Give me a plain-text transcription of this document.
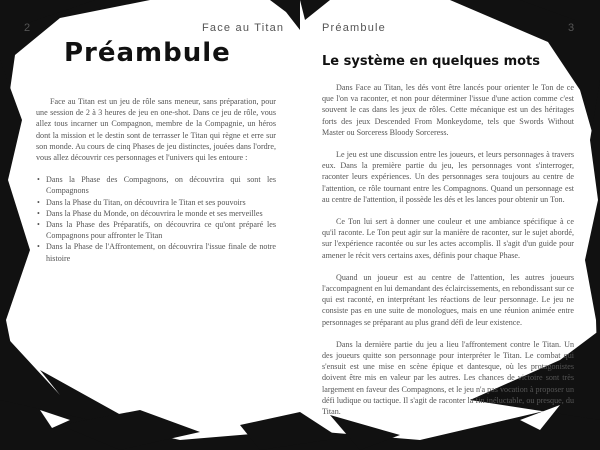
2	Face au Titan
Préambule

Face au Titan est un jeu de rôle sans meneur, sans préparation, pour une session de 2 à 3 heures de jeu en one-shot. Dans ce jeu de rôle, vous allez tous incarner un Compagnon, membre de la Compagnie, un héros dont la mission et le destin sont de terrasser le Titan qui règne et erre sur son monde. Au cours de cinq Phases de jeu distinctes, jouées dans l'ordre, vous allez découvrir ces personnages et l'univers qui les entoure :

• Dans la Phase des Compagnons, on découvrira qui sont les Compagnons
• Dans la Phase du Titan, on découvrira le Titan et ses pouvoirs
• Dans la Phase du Monde, on découvrira le monde et ses merveilles
• Dans la Phase des Préparatifs, on découvrira ce qu'ont préparé les Compagnons pour affronter le Titan
• Dans la Phase de l'Affrontement, on découvrira l'issue finale de notre histoire
Préambule	3
Le système en quelques mots

Dans Face au Titan, les dés vont être lancés pour orienter le Ton de ce que l'on va raconter, et non pour déterminer l'issue d'une action comme c'est souvent le cas dans les jeux de rôles. Cette mécanique est un des héritages forts des jeux Descended From Monkeydome, tels que Swords Without Master ou Sorceress Bloody Sorceress.

Le jeu est une discussion entre les joueurs, et leurs personnages à travers eux. Dans la première partie du jeu, les personnages vont s'interroger, raconter leurs expériences. Un des personnages sera toujours au centre de l'attention, ce rôle tournant entre les Compagnons. Quand un personnage est au centre de l'attention, il possède les dés et les lances pour obtenir un Ton.

Ce Ton lui sert à donner une couleur et une ambiance spécifique à ce qu'il raconte. Le Ton peut agir sur la manière de raconter, sur le sujet abordé, sur l'expérience racontée ou sur les actes accomplis. Il s'agit d'un guide pour amener le récit vers certains axes, définis pour chaque Phase.

Quand un joueur est au centre de l'attention, les autres joueurs l'accompagnent en lui demandant des éclaircissements, en rebondissant sur ce qui est raconté, en interprétant les réactions de leur personnage. Le jeu ne consiste pas en une suite de monologues, mais en une réunion animée entre personnages se préparant au plus grand défi de leur existence.

Dans la dernière partie du jeu a lieu l'affrontement contre le Titan. Un des joueurs quitte son personnage pour interpréter le Titan. Le combat qui s'ensuit est une mise en scène épique et dantesque, où les protagonistes doivent être mis en valeur par les autres. Les chances de victoire sont très largement en faveur des Compagnons, et le jeu n'a pas vocation à proposer un défi ludique ou tactique. Il s'agit de raconter la fin inéluctable, ou presque, du Titan.
